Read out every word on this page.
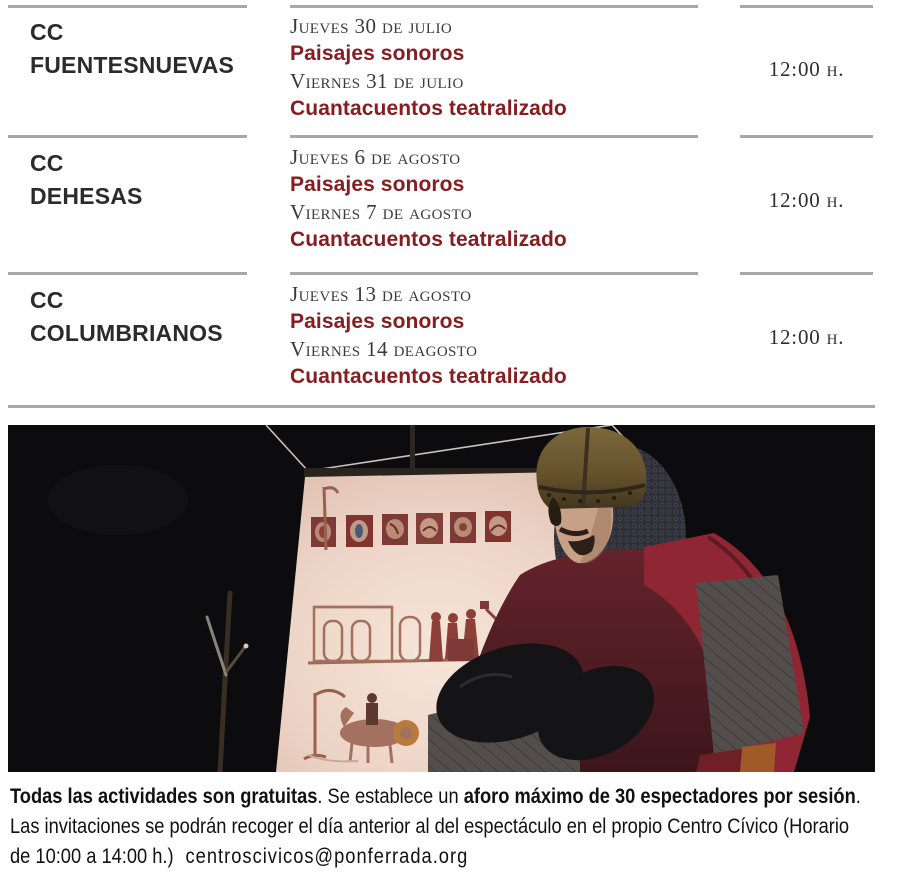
CC
FUENTESNUEVAS
Jueves 30 de julio
Paisajes sonoros
Viernes 31 de julio
Cuantacuentos teatralizado
12:00 h.
CC
DEHESAS
Jueves 6 de agosto
Paisajes sonoros
Viernes 7 de agosto
Cuantacuentos teatralizado
12:00 h.
CC
COLUMBRIANOS
Jueves 13 de agosto
Paisajes sonoros
Viernes 14 deagosto
Cuantacuentos teatralizado
12:00 h.
Todas las actividades son gratuitas. Se establece un aforo máximo de 30 espectadores por sesión.
Las invitaciones se podrán recoger el día anterior al del espectáculo en el propio Centro Cívico (Horario
de 10:00 a 14:00 h.) centroscivicos@ponferrada.org
